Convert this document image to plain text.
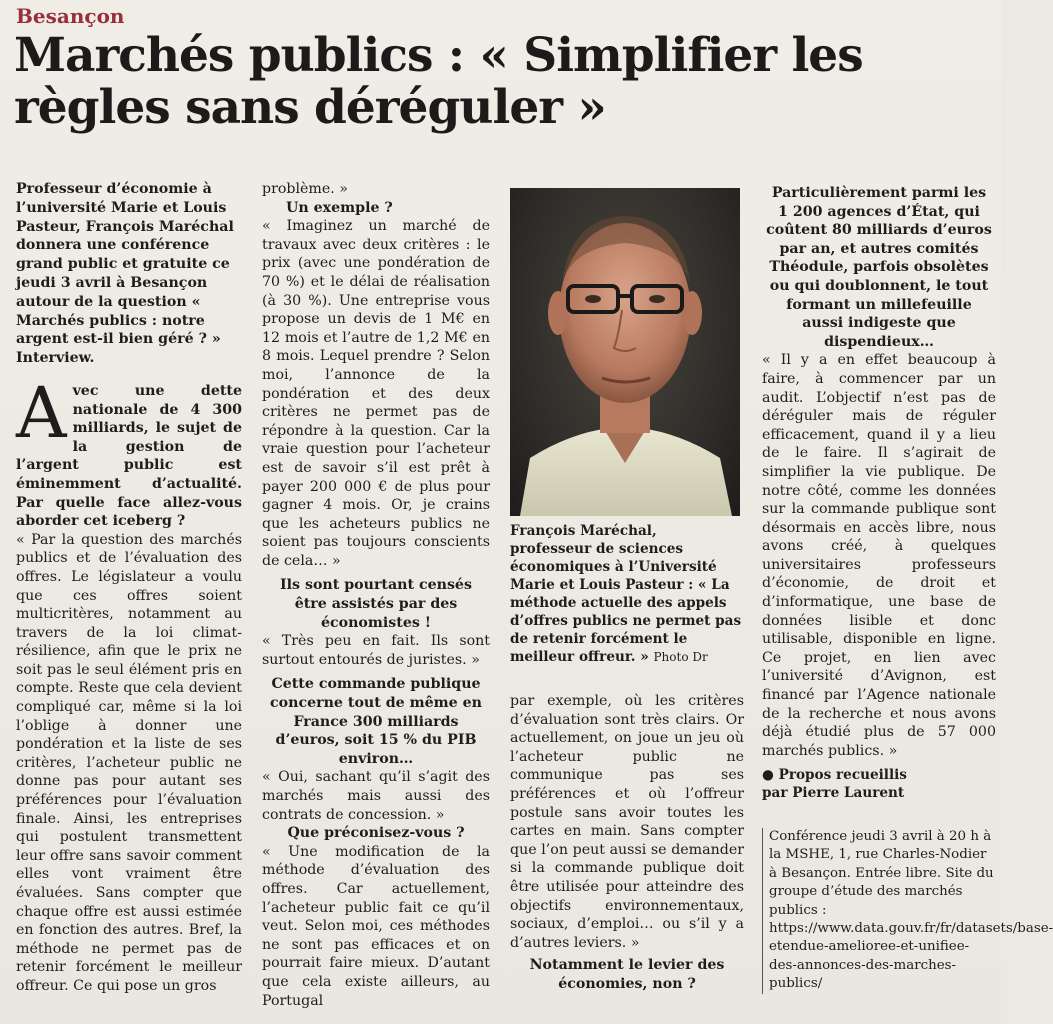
Besançon
Marchés publics : « Simplifier les règles sans déréguler »

Professeur d’économie à l’université Marie et Louis Pasteur, François Maréchal donnera une conférence grand public et gratuite ce jeudi 3 avril à Besançon autour de la question « Marchés publics : notre argent est-il bien géré ? » Interview.

Avec une dette nationale de 4 300 milliards, le sujet de la gestion de l’argent public est éminemment d’actualité. Par quelle face allez-vous aborder cet iceberg ?

« Par la question des marchés publics et de l’évaluation des offres. Le législateur a voulu que ces offres soient multicritères, notamment au travers de la loi climat-résilience, afin que le prix ne soit pas le seul élément pris en compte. Reste que cela devient compliqué car, même si la loi l’oblige à donner une pondération et la liste de ses critères, l’acheteur public ne donne pas pour autant ses préférences pour l’évaluation finale. Ainsi, les entreprises qui postulent transmettent leur offre sans savoir comment elles vont vraiment être évaluées. Sans compter que chaque offre est aussi estimée en fonction des autres. Bref, la méthode ne permet pas de retenir forcément le meilleur offreur. Ce qui pose un gros

problème. »

Un exemple ?

« Imaginez un marché de travaux avec deux critères : le prix (avec une pondération de 70 %) et le délai de réalisation (à 30 %). Une entreprise vous propose un devis de 1 M€ en 12 mois et l’autre de 1,2 M€ en 8 mois. Lequel prendre ? Selon moi, l’annonce de la pondération et des deux critères ne permet pas de répondre à la question. Car la vraie question pour l’acheteur est de savoir s’il est prêt à payer 200 000 € de plus pour gagner 4 mois. Or, je crains que les acheteurs publics ne soient pas toujours conscients de cela… »

Ils sont pourtant censés être assistés par des économistes !

« Très peu en fait. Ils sont surtout entourés de juristes. »

Cette commande publique concerne tout de même en France 300 milliards d’euros, soit 15 % du PIB environ…

« Oui, sachant qu’il s’agit des marchés mais aussi des contrats de concession. »

Que préconisez-vous ?

« Une modification de la méthode d’évaluation des offres. Car actuellement, l’acheteur public fait ce qu’il veut. Selon moi, ces méthodes ne sont pas efficaces et on pourrait faire mieux. D’autant que cela existe ailleurs, au Portugal

François Maréchal, professeur de sciences économiques à l’Université Marie et Louis Pasteur : « La méthode actuelle des appels d’offres publics ne permet pas de retenir forcément le meilleur offreur. » Photo Dr

par exemple, où les critères d’évaluation sont très clairs. Or actuellement, on joue un jeu où l’acheteur public ne communique pas ses préférences et où l’offreur postule sans avoir toutes les cartes en main. Sans compter que l’on peut aussi se demander si la commande publique doit être utilisée pour atteindre des objectifs environnementaux, sociaux, d’emploi… ou s’il y a d’autres leviers. »

Notamment le levier des économies, non ?

Particulièrement parmi les 1 200 agences d’État, qui coûtent 80 milliards d’euros par an, et autres comités Théodule, parfois obsolètes ou qui doublonnent, le tout formant un millefeuille aussi indigeste que dispendieux…

« Il y a en effet beaucoup à faire, à commencer par un audit. L’objectif n’est pas de déréguler mais de réguler efficacement, quand il y a lieu de le faire. Il s’agirait de simplifier la vie publique. De notre côté, comme les données sur la commande publique sont désormais en accès libre, nous avons créé, à quelques universitaires professeurs d’économie, de droit et d’informatique, une base de données lisible et donc utilisable, disponible en ligne. Ce projet, en lien avec l’université d’Avignon, est financé par l’Agence nationale de la recherche et nous avons déjà étudié plus de 57 000 marchés publics. »

● Propos recueillis

par Pierre Laurent

Conférence jeudi 3 avril à 20 h à la MSHE, 1, rue Charles-Nodier à Besançon. Entrée libre. Site du groupe d’étude des marchés publics : https://www.data.gouv.fr/fr/datasets/base-etendue-amelioree-et-unifiee-des-annonces-des-marches-publics/
